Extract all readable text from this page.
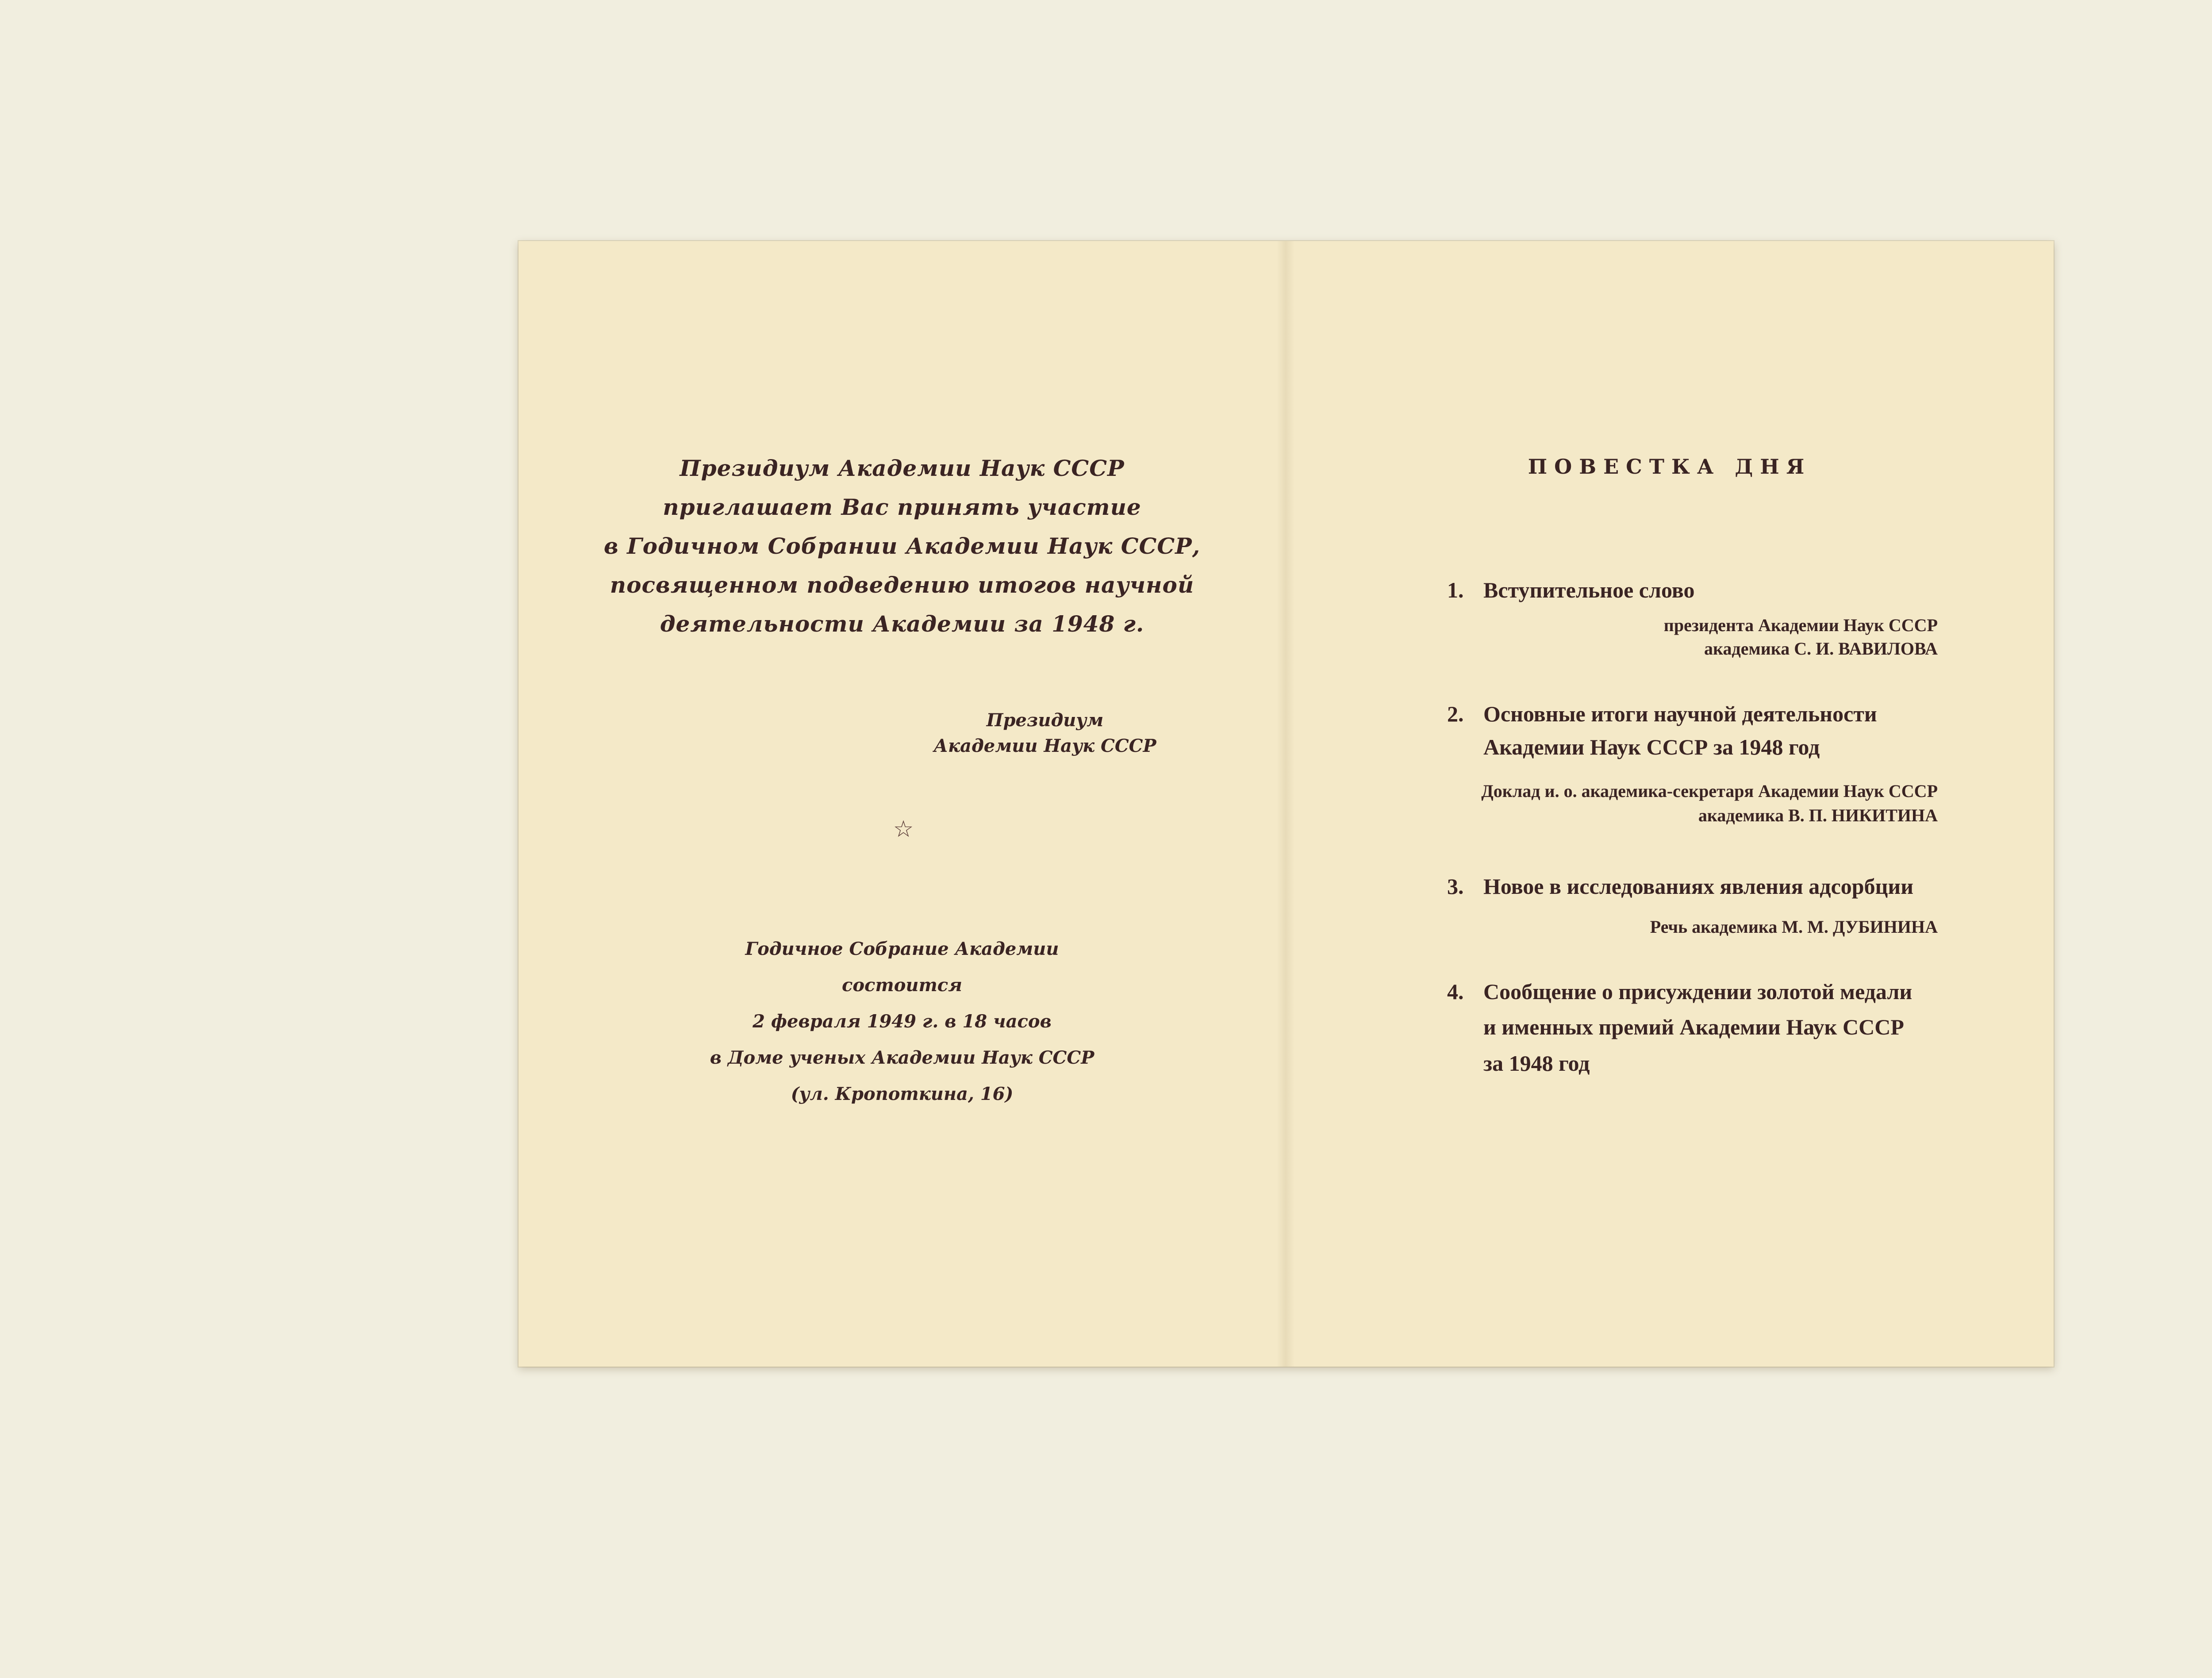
Президиум Академии Наук СССР
приглашает Вас принять участие
в Годичном Собрании Академии Наук СССР,
посвященном подведению итогов научной
деятельности Академии за 1948 г.
Президиум
Академии Наук СССР
☆
Годичное Собрание Академии
состоится
2 февраля 1949 г. в 18 часов
в Доме ученых Академии Наук СССР
(ул. Кропоткина, 16)
ПОВЕСТКА ДНЯ
1. Вступительное слово
президента Академии Наук СССР
академика С. И. ВАВИЛОВА
2. Основные итоги научной деятельности
Академии Наук СССР за 1948 год
Доклад и. о. академика-секретаря Академии Наук СССР
академика В. П. НИКИТИНА
3. Новое в исследованиях явления адсорбции
Речь академика М. М. ДУБИНИНА
4. Сообщение о присуждении золотой медали
и именных премий Академии Наук СССР
за 1948 год
